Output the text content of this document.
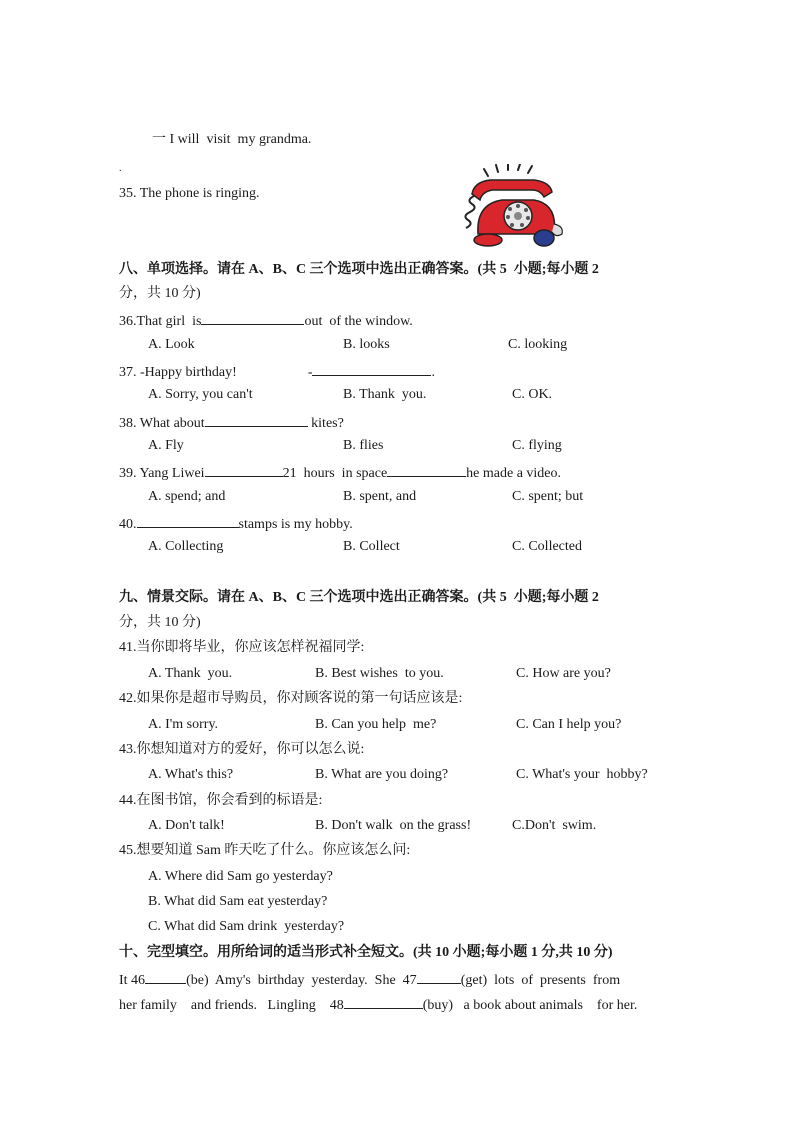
一 I will  visit  my grandma.
.
35. The phone is ringing.
八、单项选择。请在 A、B、C 三个选项中选出正确答案。(共 5  小题;每小题 2
分，共 10 分)
36.That girl  is	out  of the window.
A. Look	B. looks	C. looking
37. -Happy birthday!	-	.
A. Sorry, you can't	B. Thank  you.	C. OK.
38. What about	kites?
A. Fly	B. flies	C. flying
39. Yang Liwei	21  hours  in space	he made a video.
A. spend; and	B. spent, and	C. spent; but
40.	stamps is my hobby.
A. Collecting	B. Collect	C. Collected
九、情景交际。请在 A、B、C 三个选项中选出正确答案。(共 5  小题;每小题 2
分，共 10 分)
41.当你即将毕业，你应该怎样祝福同学:
A. Thank  you.	B. Best wishes  to you.	C. How are you?
42.如果你是超市导购员，你对顾客说的第一句话应该是:
A. I'm sorry.	B. Can you help  me?	C. Can I help you?
43.你想知道对方的爱好，你可以怎么说:
A. What's this?	B. What are you doing?	C. What's your  hobby?
44.在图书馆，你会看到的标语是:
A. Don't talk!	B. Don't walk  on the grass!	C.Don't  swim.
45.想要知道 Sam 昨天吃了什么。你应该怎么问:
A. Where did Sam go yesterday?
B. What did Sam eat yesterday?
C. What did Sam drink  yesterday?
十、完型填空。用所给词的适当形式补全短文。(共 10 小题;每小题 1 分,共 10 分)
It 46	(be)  Amy's  birthday  yesterday.  She  47	(get)  lots  of  presents  from
her family    and friends.   Lingling    48	(buy)   a book about animals    for her.
